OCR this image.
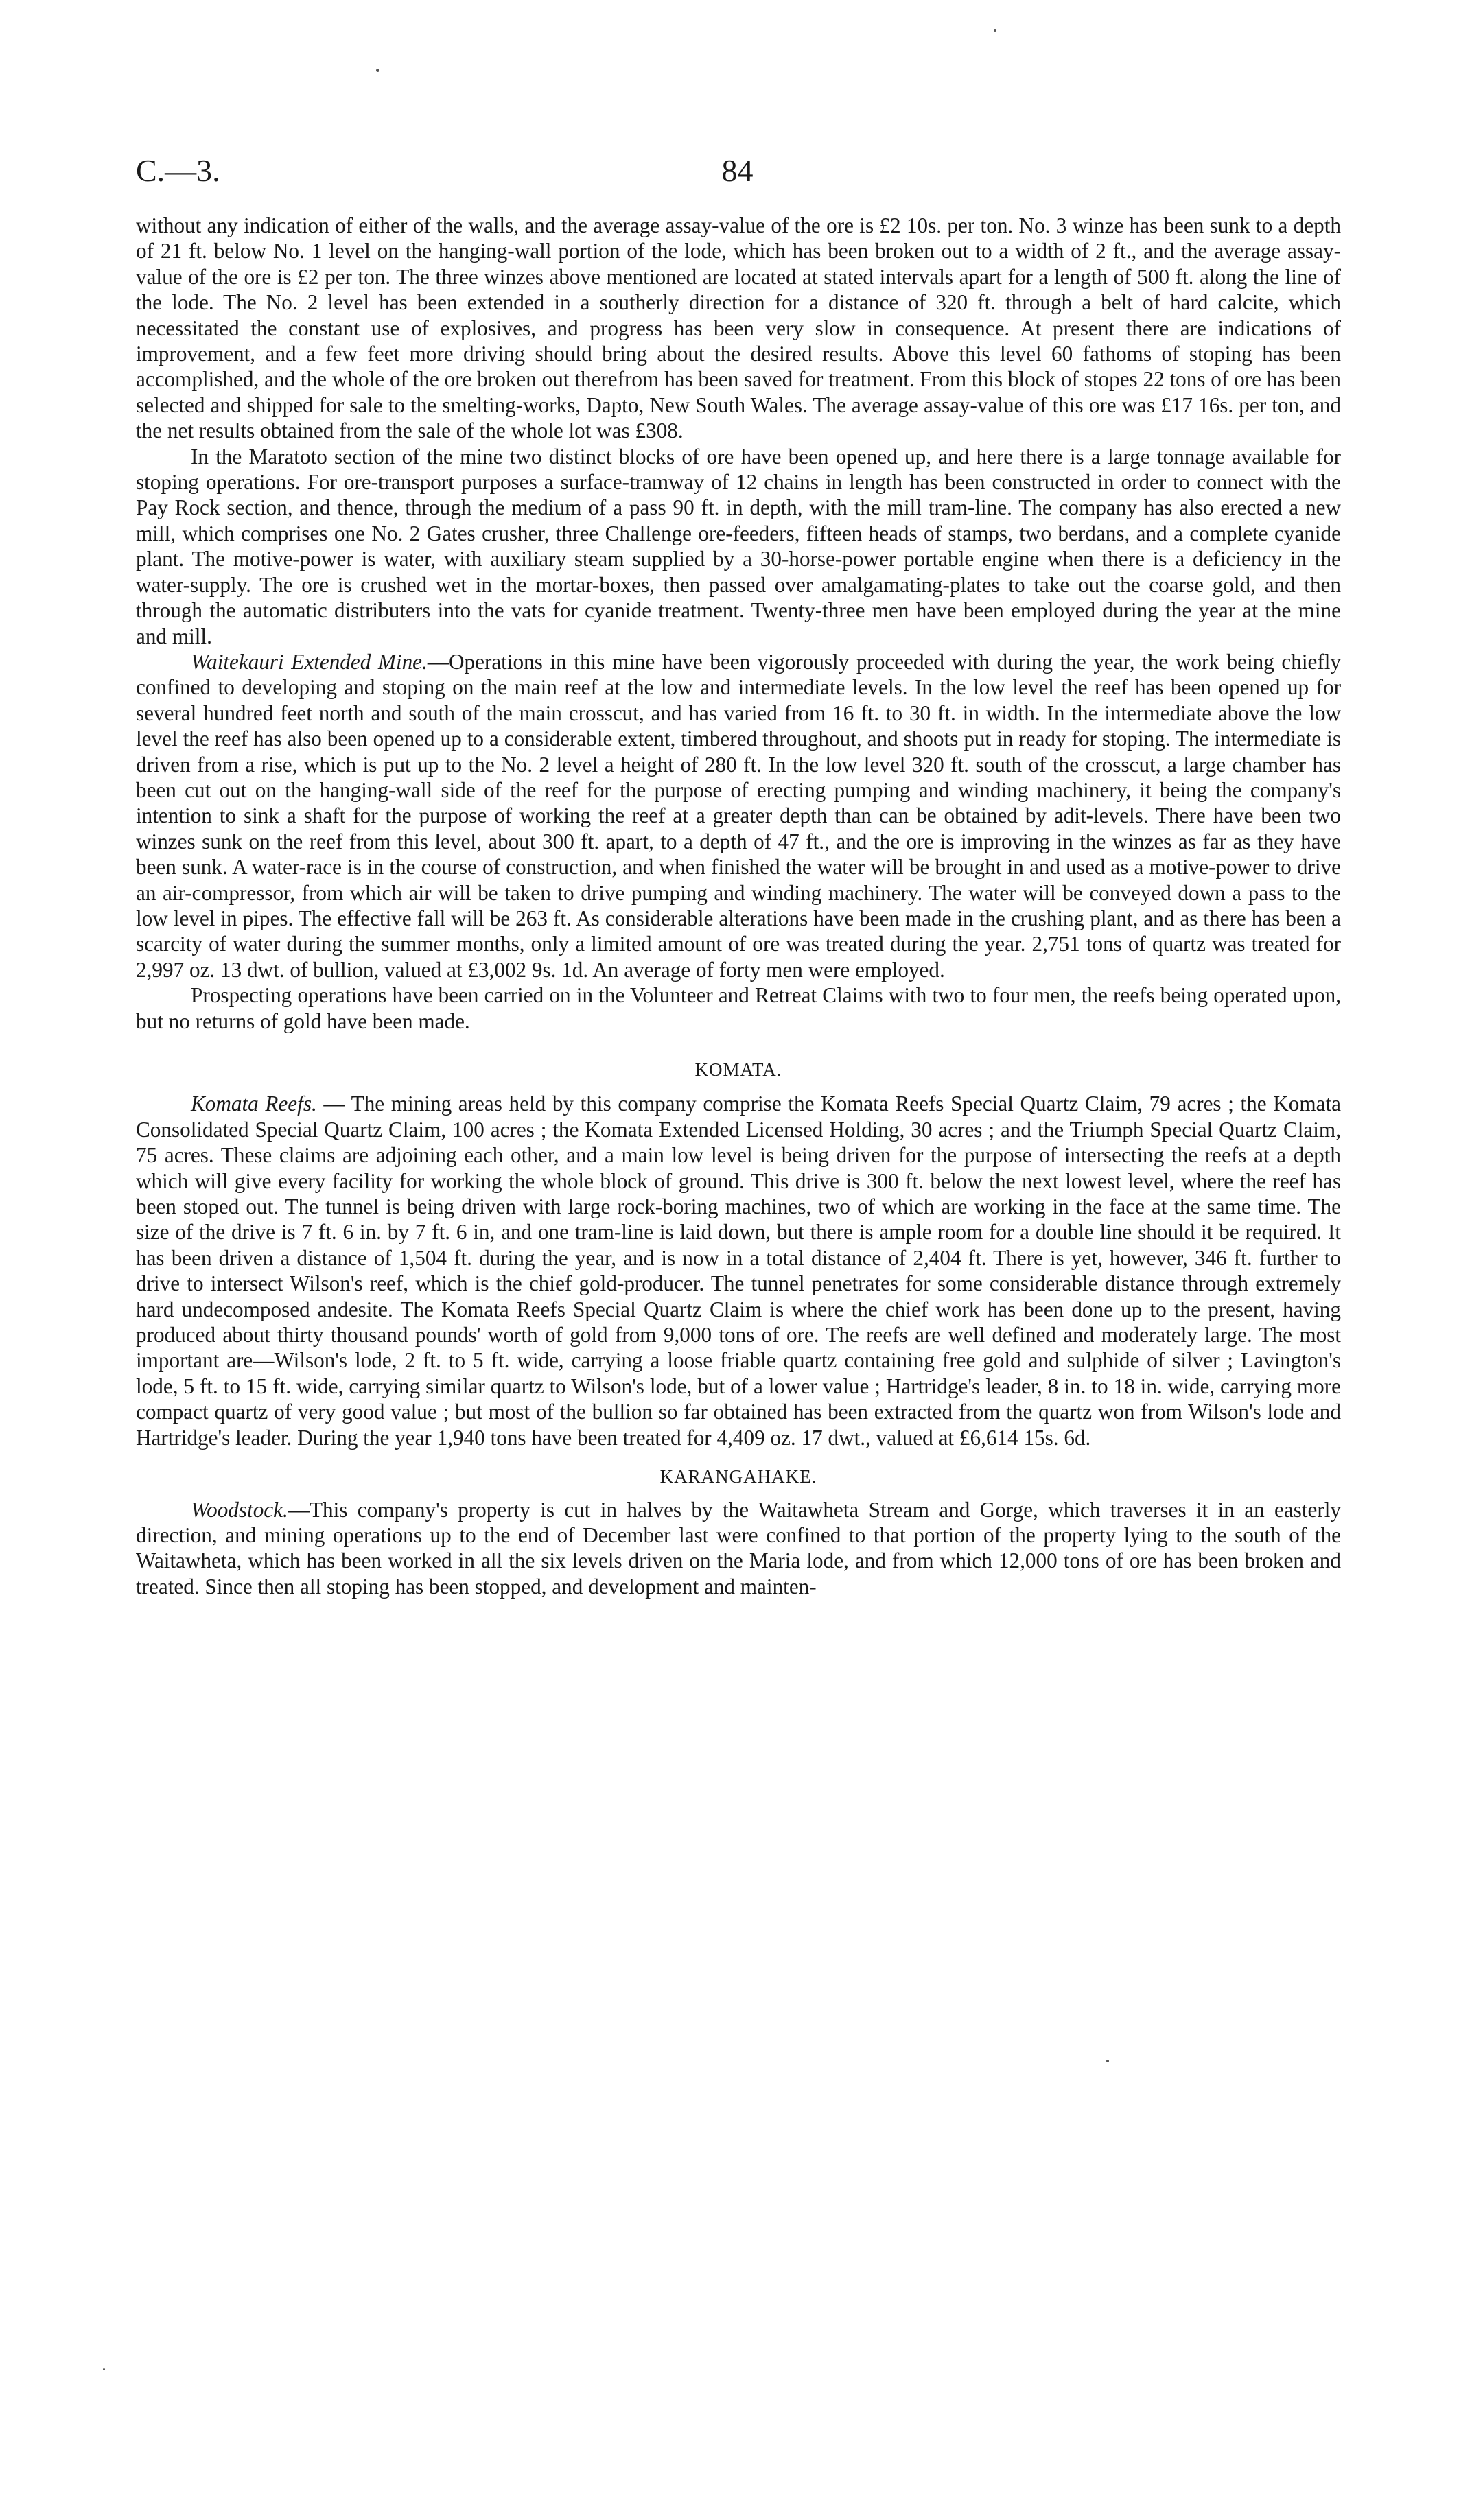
C.—3.	84

without any indication of either of the walls, and the average assay-value of the ore is £2 10s. per ton. No. 3 winze has been sunk to a depth of 21 ft. below No. 1 level on the hanging-wall portion of the lode, which has been broken out to a width of 2 ft., and the average assay-value of the ore is £2 per ton. The three winzes above mentioned are located at stated intervals apart for a length of 500 ft. along the line of the lode. The No. 2 level has been extended in a southerly direction for a distance of 320 ft. through a belt of hard calcite, which necessitated the constant use of explosives, and progress has been very slow in consequence. At present there are indications of improvement, and a few feet more driving should bring about the desired results. Above this level 60 fathoms of stoping has been accomplished, and the whole of the ore broken out therefrom has been saved for treatment. From this block of stopes 22 tons of ore has been selected and shipped for sale to the smelting-works, Dapto, New South Wales. The average assay-value of this ore was £17 16s. per ton, and the net results obtained from the sale of the whole lot was £308.

In the Maratoto section of the mine two distinct blocks of ore have been opened up, and here there is a large tonnage available for stoping operations. For ore-transport purposes a surface-tramway of 12 chains in length has been constructed in order to connect with the Pay Rock section, and thence, through the medium of a pass 90 ft. in depth, with the mill tram-line. The company has also erected a new mill, which comprises one No. 2 Gates crusher, three Challenge ore-feeders, fifteen heads of stamps, two berdans, and a complete cyanide plant. The motive-power is water, with auxiliary steam supplied by a 30-horse-power portable engine when there is a deficiency in the water-supply. The ore is crushed wet in the mortar-boxes, then passed over amalgamating-plates to take out the coarse gold, and then through the automatic distributers into the vats for cyanide treatment. Twenty-three men have been employed during the year at the mine and mill.

Waitekauri Extended Mine.—Operations in this mine have been vigorously proceeded with during the year, the work being chiefly confined to developing and stoping on the main reef at the low and intermediate levels. In the low level the reef has been opened up for several hundred feet north and south of the main crosscut, and has varied from 16 ft. to 30 ft. in width. In the intermediate above the low level the reef has also been opened up to a considerable extent, timbered throughout, and shoots put in ready for stoping. The intermediate is driven from a rise, which is put up to the No. 2 level a height of 280 ft. In the low level 320 ft. south of the crosscut, a large chamber has been cut out on the hanging-wall side of the reef for the purpose of erecting pumping and winding machinery, it being the company's intention to sink a shaft for the purpose of working the reef at a greater depth than can be obtained by adit-levels. There have been two winzes sunk on the reef from this level, about 300 ft. apart, to a depth of 47 ft., and the ore is improving in the winzes as far as they have been sunk. A water-race is in the course of construction, and when finished the water will be brought in and used as a motive-power to drive an air-compressor, from which air will be taken to drive pumping and winding machinery. The water will be conveyed down a pass to the low level in pipes. The effective fall will be 263 ft. As considerable alterations have been made in the crushing plant, and as there has been a scarcity of water during the summer months, only a limited amount of ore was treated during the year. 2,751 tons of quartz was treated for 2,997 oz. 13 dwt. of bullion, valued at £3,002 9s. 1d. An average of forty men were employed.

Prospecting operations have been carried on in the Volunteer and Retreat Claims with two to four men, the reefs being operated upon, but no returns of gold have been made.

KOMATA.

Komata Reefs. — The mining areas held by this company comprise the Komata Reefs Special Quartz Claim, 79 acres ; the Komata Consolidated Special Quartz Claim, 100 acres ; the Komata Extended Licensed Holding, 30 acres ; and the Triumph Special Quartz Claim, 75 acres. These claims are adjoining each other, and a main low level is being driven for the purpose of intersecting the reefs at a depth which will give every facility for working the whole block of ground. This drive is 300 ft. below the next lowest level, where the reef has been stoped out. The tunnel is being driven with large rock-boring machines, two of which are working in the face at the same time. The size of the drive is 7 ft. 6 in. by 7 ft. 6 in, and one tram-line is laid down, but there is ample room for a double line should it be required. It has been driven a distance of 1,504 ft. during the year, and is now in a total distance of 2,404 ft. There is yet, however, 346 ft. further to drive to intersect Wilson's reef, which is the chief gold-producer. The tunnel penetrates for some considerable distance through extremely hard undecomposed andesite. The Komata Reefs Special Quartz Claim is where the chief work has been done up to the present, having produced about thirty thousand pounds' worth of gold from 9,000 tons of ore. The reefs are well defined and moderately large. The most important are—Wilson's lode, 2 ft. to 5 ft. wide, carrying a loose friable quartz containing free gold and sulphide of silver ; Lavington's lode, 5 ft. to 15 ft. wide, carrying similar quartz to Wilson's lode, but of a lower value ; Hartridge's leader, 8 in. to 18 in. wide, carrying more compact quartz of very good value ; but most of the bullion so far obtained has been extracted from the quartz won from Wilson's lode and Hartridge's leader. During the year 1,940 tons have been treated for 4,409 oz. 17 dwt., valued at £6,614 15s. 6d.

KARANGAHAKE.

Woodstock.—This company's property is cut in halves by the Waitawheta Stream and Gorge, which traverses it in an easterly direction, and mining operations up to the end of December last were confined to that portion of the property lying to the south of the Waitawheta, which has been worked in all the six levels driven on the Maria lode, and from which 12,000 tons of ore has been broken and treated. Since then all stoping has been stopped, and development and mainten-
